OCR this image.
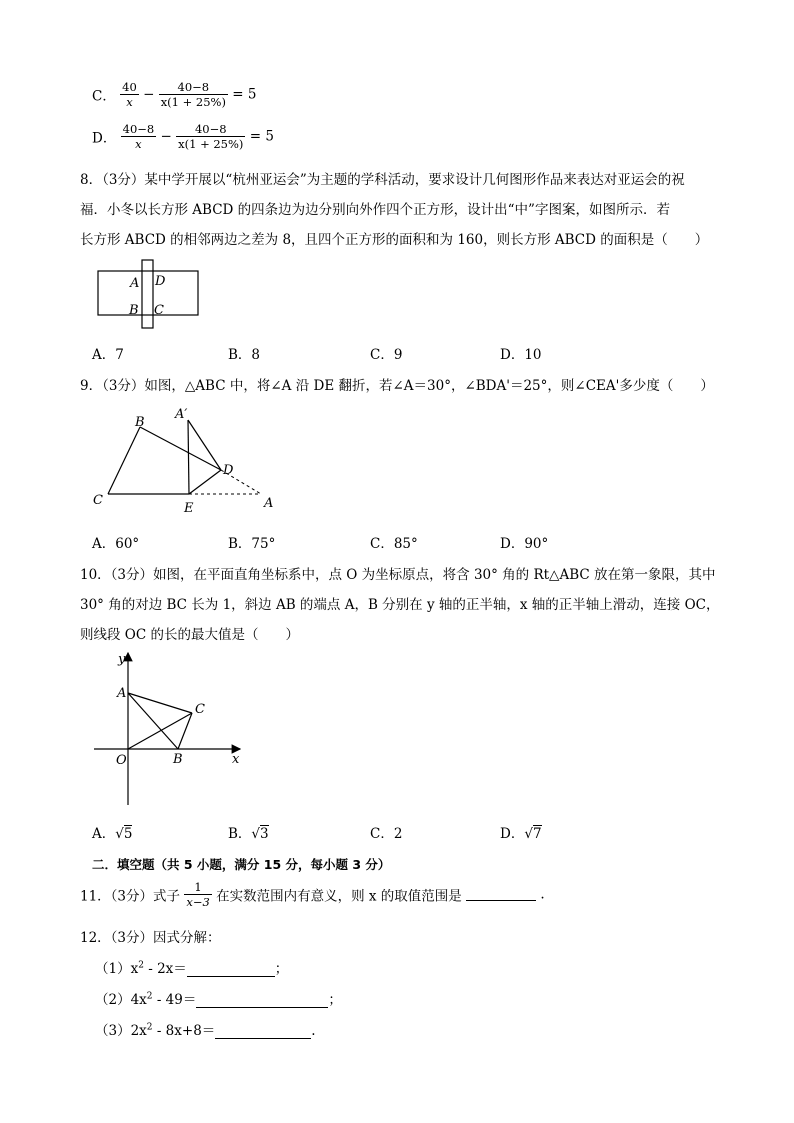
C． $\frac{40}{x} - \frac{40-8}{x(1 + 25\%)} = 5$
D． $\frac{40-8}{x} - \frac{40-8}{x(1 + 25\%)} = 5$
8．（3分）某中学开展以“杭州亚运会”为主题的学科活动，要求设计几何图形作品来表达对亚运会的祝
福．小冬以长方形 ABCD 的四条边为边分别向外作四个正方形，设计出“中”字图案，如图所示．若
长方形 ABCD 的相邻两边之差为 8，且四个正方形的面积和为 160，则长方形 ABCD 的面积是（　　）
A D
B C
A．7	B．8	C．9	D．10
9．（3分）如图，△ABC 中，将∠A 沿 DE 翻折，若∠A＝30°，∠BDA'＝25°，则∠CEA'多少度（　　）
B
A′
D
C
E	A
A．60°	B．75°	C．85°	D．90°
10．（3分）如图，在平面直角坐标系中，点 O 为坐标原点，将含 30° 角的 Rt△ABC 放在第一象限，其中
30° 角的对边 BC 长为 1，斜边 AB 的端点 A，B 分别在 y 轴的正半轴，x 轴的正半轴上滑动，连接 OC，
则线段 OC 的长的最大值是（　　）
y
A
C
O	B	x
A．√5	B．√3	C．2	D．√7
二．填空题（共 5 小题，满分 15 分，每小题 3 分）
11．（3分）式子 $\frac{1}{x-3}$ 在实数范围内有意义，则 x 的取值范围是	.
12．（3分）因式分解：
$(1)x^2 - 2x=$	；
$(2)4x^2 - 49=$	；
$(3)2x^2 - 8x+8=$	.
